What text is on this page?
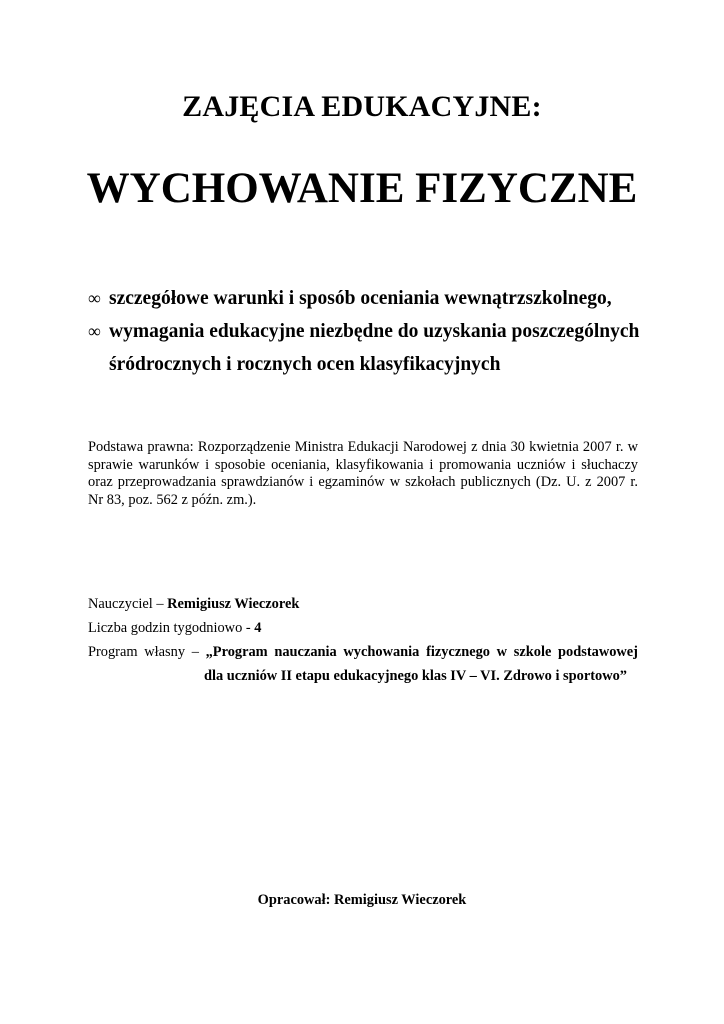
ZAJĘCIA EDUKACYJNE:
WYCHOWANIE FIZYCZNE
∞ szczegółowe warunki i sposób oceniania wewnątrzszkolnego,
∞ wymagania edukacyjne niezbędne do uzyskania poszczególnych śródrocznych i rocznych ocen klasyfikacyjnych
Podstawa prawna: Rozporządzenie Ministra Edukacji Narodowej z dnia 30 kwietnia 2007 r. w sprawie warunków i sposobie oceniania, klasyfikowania i promowania uczniów i słuchaczy oraz przeprowadzania sprawdzianów i egzaminów w szkołach publicznych (Dz. U. z 2007 r. Nr 83, poz. 562 z późn. zm.).
Nauczyciel – Remigiusz Wieczorek
Liczba godzin tygodniowo - 4
Program własny – „Program nauczania wychowania fizycznego w szkole podstawowej
dla uczniów II etapu edukacyjnego klas IV – VI. Zdrowo i sportowo”
Opracował: Remigiusz Wieczorek
